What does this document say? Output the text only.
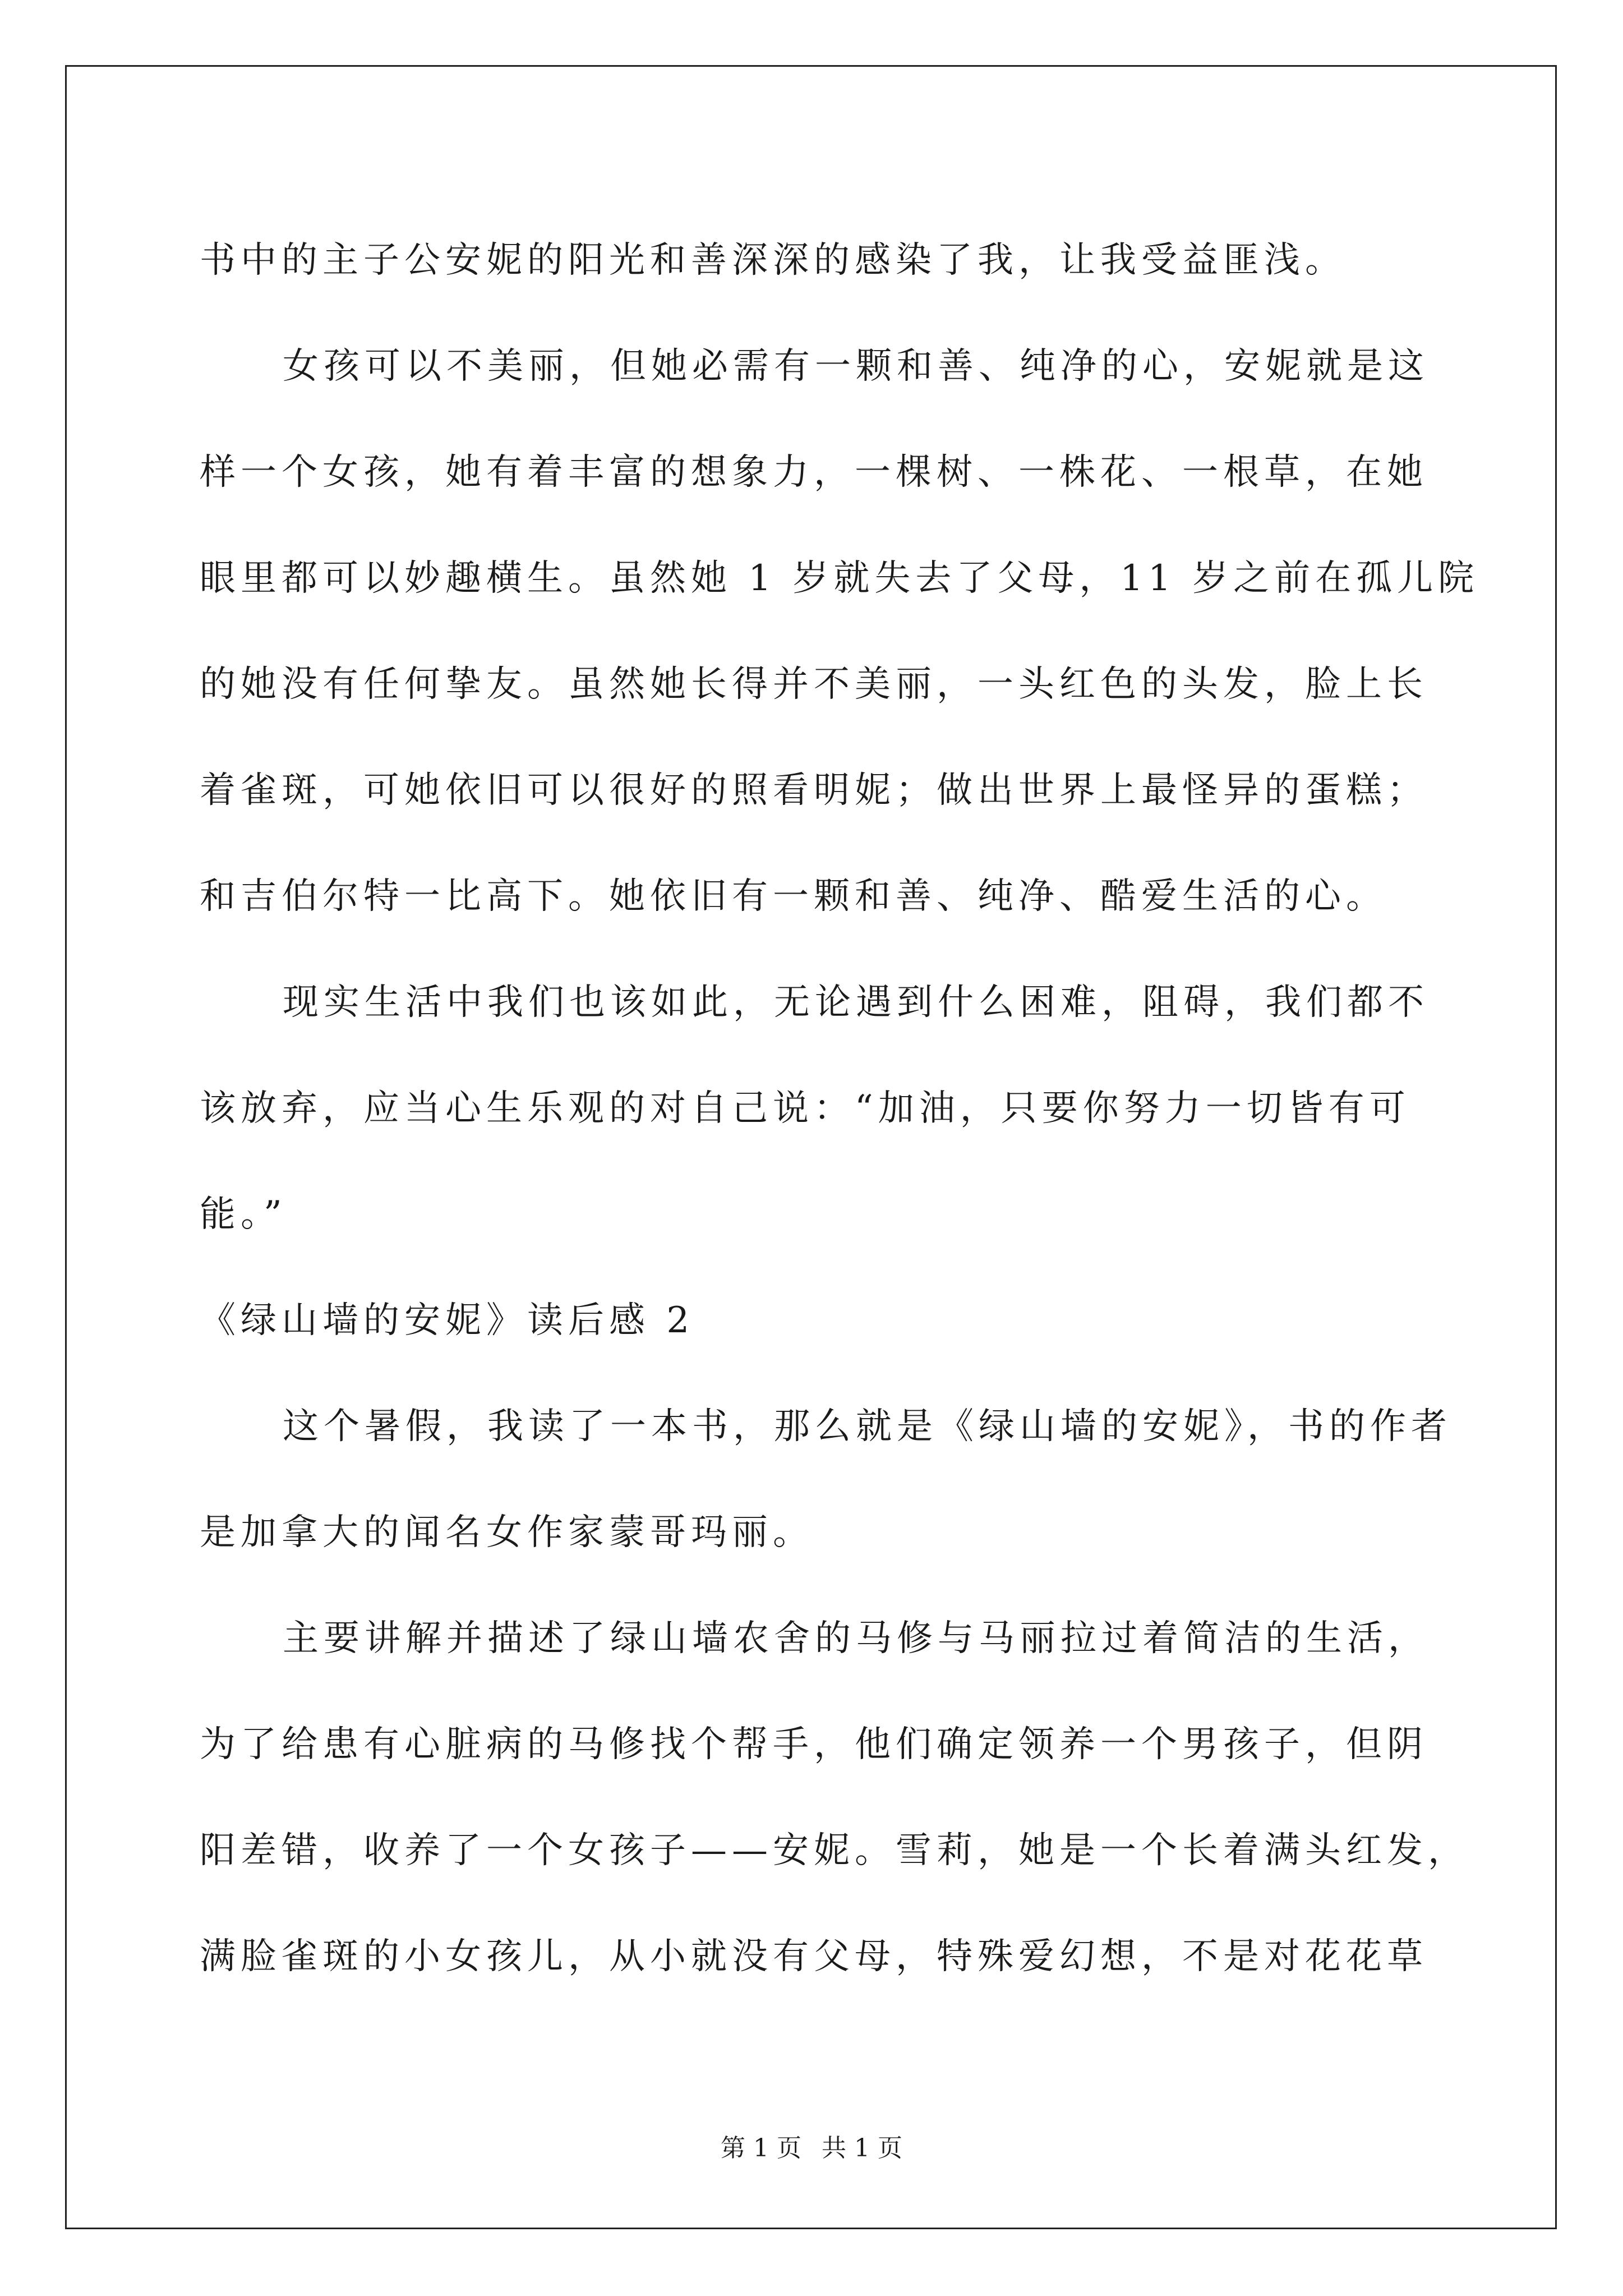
书中的主子公安妮的阳光和善深深的感染了我，让我受益匪浅。
女孩可以不美丽，但她必需有一颗和善、纯净的心，安妮就是这
样一个女孩，她有着丰富的想象力，一棵树、一株花、一根草，在她
眼里都可以妙趣横生。虽然她 1 岁就失去了父母，11 岁之前在孤儿院
的她没有任何挚友。虽然她长得并不美丽，一头红色的头发，脸上长
着雀斑，可她依旧可以很好的照看明妮；做出世界上最怪异的蛋糕；
和吉伯尔特一比高下。她依旧有一颗和善、纯净、酷爱生活的心。
现实生活中我们也该如此，无论遇到什么困难，阻碍，我们都不
该放弃，应当心生乐观的对自己说：“加油，只要你努力一切皆有可
能。”
《绿山墙的安妮》读后感 2
这个暑假，我读了一本书，那么就是《绿山墙的安妮》，书的作者
是加拿大的闻名女作家蒙哥玛丽。
主要讲解并描述了绿山墙农舍的马修与马丽拉过着简洁的生活，
为了给患有心脏病的马修找个帮手，他们确定领养一个男孩子，但阴
阳差错，收养了一个女孩子——安妮。雪莉，她是一个长着满头红发，
满脸雀斑的小女孩儿，从小就没有父母，特殊爱幻想，不是对花花草
第 1 页 共 1 页
